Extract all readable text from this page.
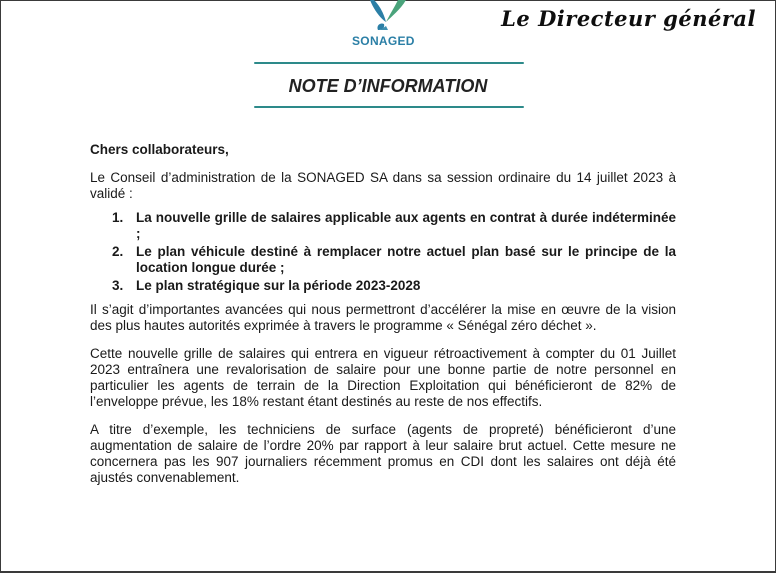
SONAGED
Le Directeur général
NOTE D’INFORMATION

Chers collaborateurs,

Le Conseil d’administration de la SONAGED SA dans sa session ordinaire du 14 juillet 2023 à validé :

1. La nouvelle grille de salaires applicable aux agents en contrat à durée indéterminée ;
2. Le plan véhicule destiné à remplacer notre actuel plan basé sur le principe de la location longue durée ;
3. Le plan stratégique sur la période 2023-2028

Il s’agit d’importantes avancées qui nous permettront d’accélérer la mise en œuvre de la vision des plus hautes autorités exprimée à travers le programme « Sénégal zéro déchet ».

Cette nouvelle grille de salaires qui entrera en vigueur rétroactivement à compter du 01 Juillet 2023 entraînera une revalorisation de salaire pour une bonne partie de notre personnel en particulier les agents de terrain de la Direction Exploitation qui bénéficieront de 82% de l’enveloppe prévue, les 18% restant étant destinés au reste de nos effectifs.

A titre d’exemple, les techniciens de surface (agents de propreté) bénéficieront d’une augmentation de salaire de l’ordre 20% par rapport à leur salaire brut actuel. Cette mesure ne concernera pas les 907 journaliers récemment promus en CDI dont les salaires ont déjà été ajustés convenablement.
